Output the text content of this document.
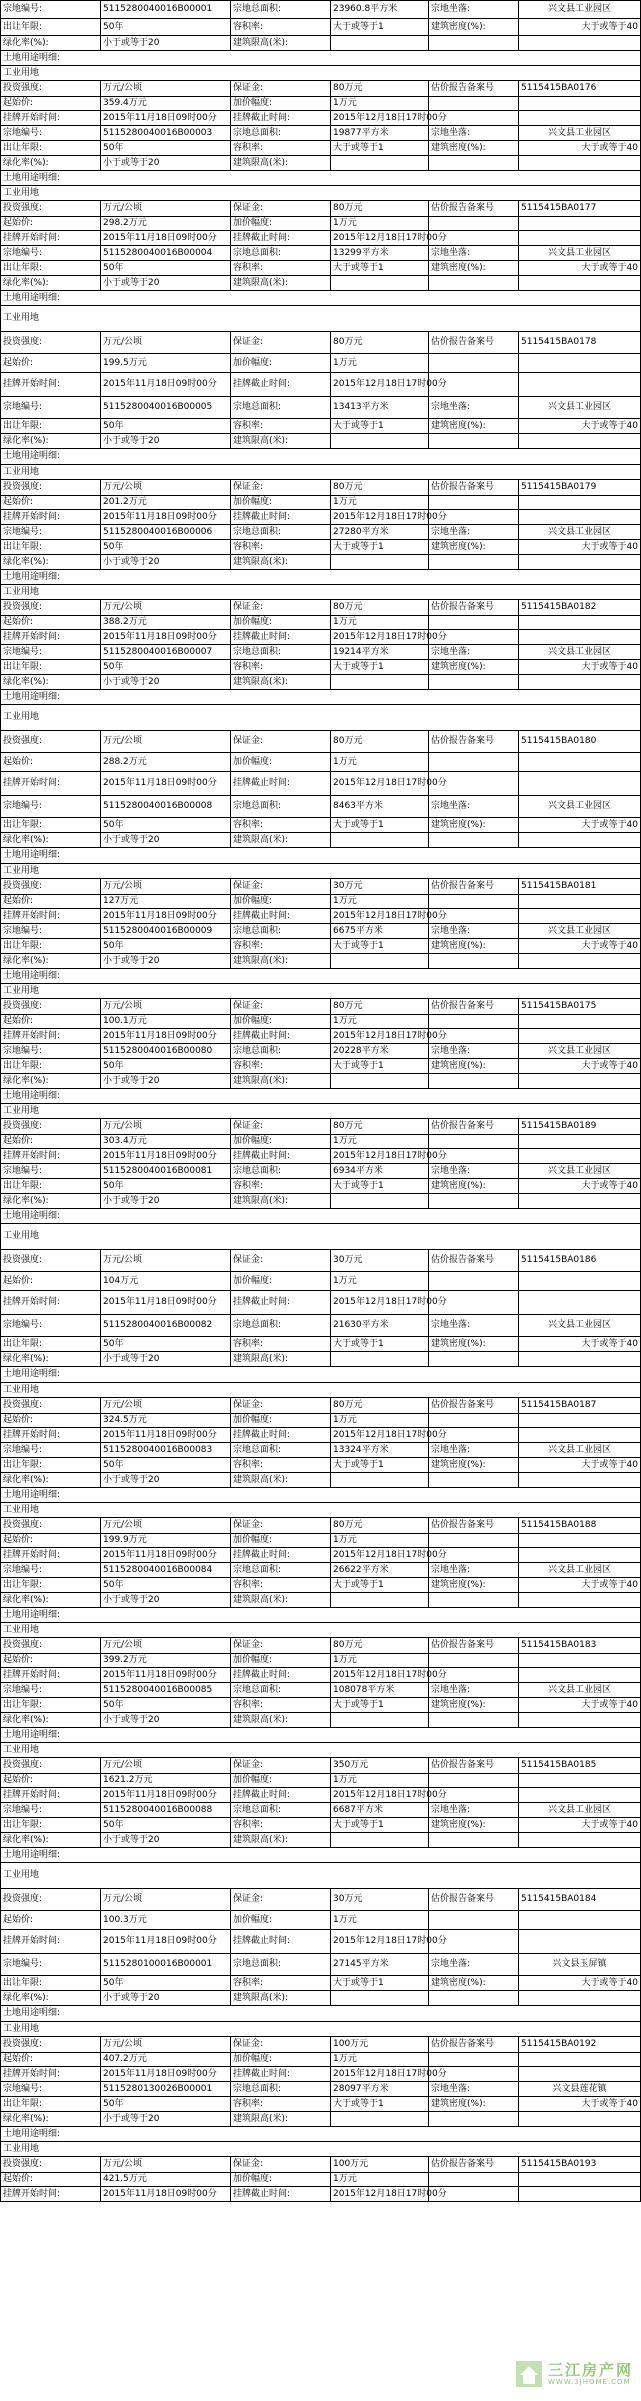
宗地编号:	5115280040016B00001	宗地总面积:	23960.8平方米	宗地坐落:	兴文县工业园区
出让年限:	50年	容积率:	大于或等于1	建筑密度(%):	大于或等于40
绿化率(%):	小于或等于20	建筑限高(米):
土地用途明细:
工业用地
投资强度:	万元/公顷	保证金:	80万元	估价报告备案号	5115415BA0176
起始价:	359.4万元	加价幅度:	1万元
挂牌开始时间:	2015年11月18日09时00分	挂牌截止时间:	2015年12月18日17时00分
宗地编号:	5115280040016B00003	宗地总面积:	19877平方米	宗地坐落:	兴文县工业园区
出让年限:	50年	容积率:	大于或等于1	建筑密度(%):	大于或等于40
绿化率(%):	小于或等于20	建筑限高(米):
土地用途明细:
工业用地
投资强度:	万元/公顷	保证金:	80万元	估价报告备案号	5115415BA0177
起始价:	298.2万元	加价幅度:	1万元
挂牌开始时间:	2015年11月18日09时00分	挂牌截止时间:	2015年12月18日17时00分
宗地编号:	5115280040016B00004	宗地总面积:	13299平方米	宗地坐落:	兴文县工业园区
出让年限:	50年	容积率:	大于或等于1	建筑密度(%):	大于或等于40
绿化率(%):	小于或等于20	建筑限高(米):
土地用途明细:
工业用地
投资强度:	万元/公顷	保证金:	80万元	估价报告备案号	5115415BA0178
起始价:	199.5万元	加价幅度:	1万元
挂牌开始时间:	2015年11月18日09时00分	挂牌截止时间:	2015年12月18日17时00分
宗地编号:	5115280040016B00005	宗地总面积:	13413平方米	宗地坐落:	兴文县工业园区
出让年限:	50年	容积率:	大于或等于1	建筑密度(%):	大于或等于40
绿化率(%):	小于或等于20	建筑限高(米):
土地用途明细:
工业用地
投资强度:	万元/公顷	保证金:	80万元	估价报告备案号	5115415BA0179
起始价:	201.2万元	加价幅度:	1万元
挂牌开始时间:	2015年11月18日09时00分	挂牌截止时间:	2015年12月18日17时00分
宗地编号:	5115280040016B00006	宗地总面积:	27280平方米	宗地坐落:	兴文县工业园区
出让年限:	50年	容积率:	大于或等于1	建筑密度(%):	大于或等于40
绿化率(%):	小于或等于20	建筑限高(米):
土地用途明细:
工业用地
投资强度:	万元/公顷	保证金:	80万元	估价报告备案号	5115415BA0182
起始价:	388.2万元	加价幅度:	1万元
挂牌开始时间:	2015年11月18日09时00分	挂牌截止时间:	2015年12月18日17时00分
宗地编号:	5115280040016B00007	宗地总面积:	19214平方米	宗地坐落:	兴文县工业园区
出让年限:	50年	容积率:	大于或等于1	建筑密度(%):	大于或等于40
绿化率(%):	小于或等于20	建筑限高(米):
土地用途明细:
工业用地
投资强度:	万元/公顷	保证金:	80万元	估价报告备案号	5115415BA0180
起始价:	288.2万元	加价幅度:	1万元
挂牌开始时间:	2015年11月18日09时00分	挂牌截止时间:	2015年12月18日17时00分
宗地编号:	5115280040016B00008	宗地总面积:	8463平方米	宗地坐落:	兴文县工业园区
出让年限:	50年	容积率:	大于或等于1	建筑密度(%):	大于或等于40
绿化率(%):	小于或等于20	建筑限高(米):
土地用途明细:
工业用地
投资强度:	万元/公顷	保证金:	30万元	估价报告备案号	5115415BA0181
起始价:	127万元	加价幅度:	1万元
挂牌开始时间:	2015年11月18日09时00分	挂牌截止时间:	2015年12月18日17时00分
宗地编号:	5115280040016B00009	宗地总面积:	6675平方米	宗地坐落:	兴文县工业园区
出让年限:	50年	容积率:	大于或等于1	建筑密度(%):	大于或等于40
绿化率(%):	小于或等于20	建筑限高(米):
土地用途明细:
工业用地
投资强度:	万元/公顷	保证金:	80万元	估价报告备案号	5115415BA0175
起始价:	100.1万元	加价幅度:	1万元
挂牌开始时间:	2015年11月18日09时00分	挂牌截止时间:	2015年12月18日17时00分
宗地编号:	5115280040016B00080	宗地总面积:	20228平方米	宗地坐落:	兴文县工业园区
出让年限:	50年	容积率:	大于或等于1	建筑密度(%):	大于或等于40
绿化率(%):	小于或等于20	建筑限高(米):
土地用途明细:
工业用地
投资强度:	万元/公顷	保证金:	80万元	估价报告备案号	5115415BA0189
起始价:	303.4万元	加价幅度:	1万元
挂牌开始时间:	2015年11月18日09时00分	挂牌截止时间:	2015年12月18日17时00分
宗地编号:	5115280040016B00081	宗地总面积:	6934平方米	宗地坐落:	兴文县工业园区
出让年限:	50年	容积率:	大于或等于1	建筑密度(%):	大于或等于40
绿化率(%):	小于或等于20	建筑限高(米):
土地用途明细:
工业用地
投资强度:	万元/公顷	保证金:	30万元	估价报告备案号	5115415BA0186
起始价:	104万元	加价幅度:	1万元
挂牌开始时间:	2015年11月18日09时00分	挂牌截止时间:	2015年12月18日17时00分
宗地编号:	5115280040016B00082	宗地总面积:	21630平方米	宗地坐落:	兴文县工业园区
出让年限:	50年	容积率:	大于或等于1	建筑密度(%):	大于或等于40
绿化率(%):	小于或等于20	建筑限高(米):
土地用途明细:
工业用地
投资强度:	万元/公顷	保证金:	80万元	估价报告备案号	5115415BA0187
起始价:	324.5万元	加价幅度:	1万元
挂牌开始时间:	2015年11月18日09时00分	挂牌截止时间:	2015年12月18日17时00分
宗地编号:	5115280040016B00083	宗地总面积:	13324平方米	宗地坐落:	兴文县工业园区
出让年限:	50年	容积率:	大于或等于1	建筑密度(%):	大于或等于40
绿化率(%):	小于或等于20	建筑限高(米):
土地用途明细:
工业用地
投资强度:	万元/公顷	保证金:	80万元	估价报告备案号	5115415BA0188
起始价:	199.9万元	加价幅度:	1万元
挂牌开始时间:	2015年11月18日09时00分	挂牌截止时间:	2015年12月18日17时00分
宗地编号:	5115280040016B00084	宗地总面积:	26622平方米	宗地坐落:	兴文县工业园区
出让年限:	50年	容积率:	大于或等于1	建筑密度(%):	大于或等于40
绿化率(%):	小于或等于20	建筑限高(米):
土地用途明细:
工业用地
投资强度:	万元/公顷	保证金:	80万元	估价报告备案号	5115415BA0183
起始价:	399.2万元	加价幅度:	1万元
挂牌开始时间:	2015年11月18日09时00分	挂牌截止时间:	2015年12月18日17时00分
宗地编号:	5115280040016B00085	宗地总面积:	108078平方米	宗地坐落:	兴文县工业园区
出让年限:	50年	容积率:	大于或等于1	建筑密度(%):	大于或等于40
绿化率(%):	小于或等于20	建筑限高(米):
土地用途明细:
工业用地
投资强度:	万元/公顷	保证金:	350万元	估价报告备案号	5115415BA0185
起始价:	1621.2万元	加价幅度:	1万元
挂牌开始时间:	2015年11月18日09时00分	挂牌截止时间:	2015年12月18日17时00分
宗地编号:	5115280040016B00088	宗地总面积:	6687平方米	宗地坐落:	兴文县工业园区
出让年限:	50年	容积率:	大于或等于1	建筑密度(%):	大于或等于40
绿化率(%):	小于或等于20	建筑限高(米):
土地用途明细:
工业用地
投资强度:	万元/公顷	保证金:	30万元	估价报告备案号	5115415BA0184
起始价:	100.3万元	加价幅度:	1万元
挂牌开始时间:	2015年11月18日09时00分	挂牌截止时间:	2015年12月18日17时00分
宗地编号:	5115280100016B00001	宗地总面积:	27145平方米	宗地坐落:	兴文县玉屏镇
出让年限:	50年	容积率:	大于或等于1	建筑密度(%):	大于或等于40
绿化率(%):	小于或等于20	建筑限高(米):
土地用途明细:
工业用地
投资强度:	万元/公顷	保证金:	100万元	估价报告备案号	5115415BA0192
起始价:	407.2万元	加价幅度:	1万元
挂牌开始时间:	2015年11月18日09时00分	挂牌截止时间:	2015年12月18日17时00分
宗地编号:	5115280130026B00001	宗地总面积:	28097平方米	宗地坐落:	兴文县莲花镇
出让年限:	50年	容积率:	大于或等于1	建筑密度(%):	大于或等于40
绿化率(%):	小于或等于20	建筑限高(米):
土地用途明细:
工业用地
投资强度:	万元/公顷	保证金:	100万元	估价报告备案号	5115415BA0193
起始价:	421.5万元	加价幅度:	1万元
挂牌开始时间:	2015年11月18日09时00分	挂牌截止时间:	2015年12月18日17时00分
三江房产网
WWW.3JHOME.COM
